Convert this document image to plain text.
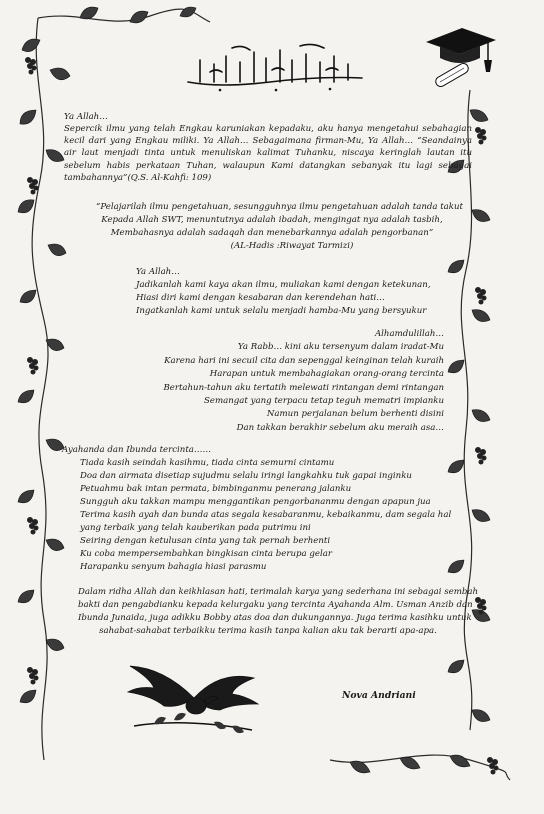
Ya Allah…
Sepercik ilmu yang telah Engkau karuniakan kepadaku, aku hanya mengetahui sebahagian
kecil dari yang Engkau miliki. Ya Allah… Sebagaimana firman-Mu, Ya Allah… “Seandainya
air laut menjadi tinta untuk menuliskan kalimat Tuhanku, niscaya keringlah lautan itu
sebelum habis perkataan Tuhan, walaupun Kami datangkan sebanyak itu lagi sebagai
tambahannya”(Q.S. Al-Kahfi: 109)
“Pelajarilah ilmu pengetahuan, sesungguhnya ilmu pengetahuan adalah tanda takut
Kepada Allah SWT, menuntutnya adalah ibadah, mengingat nya adalah tasbih,
Membahasnya adalah sadaqah dan menebarkannya adalah pengorbanan”
(AL-Hadis :Riwayat Tarmizi)
Ya Allah…
Jadikanlah kami kaya akan ilmu, muliakan kami dengan ketekunan,
Hiasi diri kami dengan kesabaran dan kerendehan hati…
Ingatkanlah kami untuk selalu menjadi hamba-Mu yang bersyukur
Alhamdulillah…
Ya Rabb… kini aku tersenyum dalam iradat-Mu
Karena hari ini secuil cita dan sepenggal keinginan telah kuraih
Harapan untuk membahagiakan orang-orang tercinta
Bertahun-tahun aku tertatih melewati rintangan demi rintangan
Semangat yang terpacu tetap teguh mematri impianku
Namun perjalanan belum berhenti disini
Dan takkan berakhir sebelum aku meraih asa…
Ayahanda dan Ibunda tercinta……
Tiada kasih seindah kasihmu, tiada cinta semurni cintamu
Doa dan airmata disetiap sujudmu selalu iringi langkahku tuk gapai inginku
Petuahmu bak intan permata, bimbinganmu penerang jalanku
Sungguh aku takkan mampu menggantikan pengorbananmu dengan apapun jua
Terima kasih ayah dan bunda atas segala kesabaranmu, kebaikanmu, dam segala hal
yang terbaik yang telah kauberikan pada putrimu ini
Seiring dengan ketulusan cinta yang tak pernah berhenti
Ku coba mempersembahkan bingkisan cinta berupa gelar
Harapanku senyum bahagia hiasi parasmu
Dalam ridha Allah dan keikhlasan hati, terimalah karya yang sederhana ini sebagai sembah
bakti dan pengabdianku kepada kelurgaku yang tercinta Ayahanda Alm. Usman Anzib dan
Ibunda Junaida, juga adikku Bobby atas doa dan dukungannya. Juga terima kasihku untuk
sahabat-sahabat terbaikku terima kasih tanpa kalian aku tak berarti apa-apa.
Nova Andriani
